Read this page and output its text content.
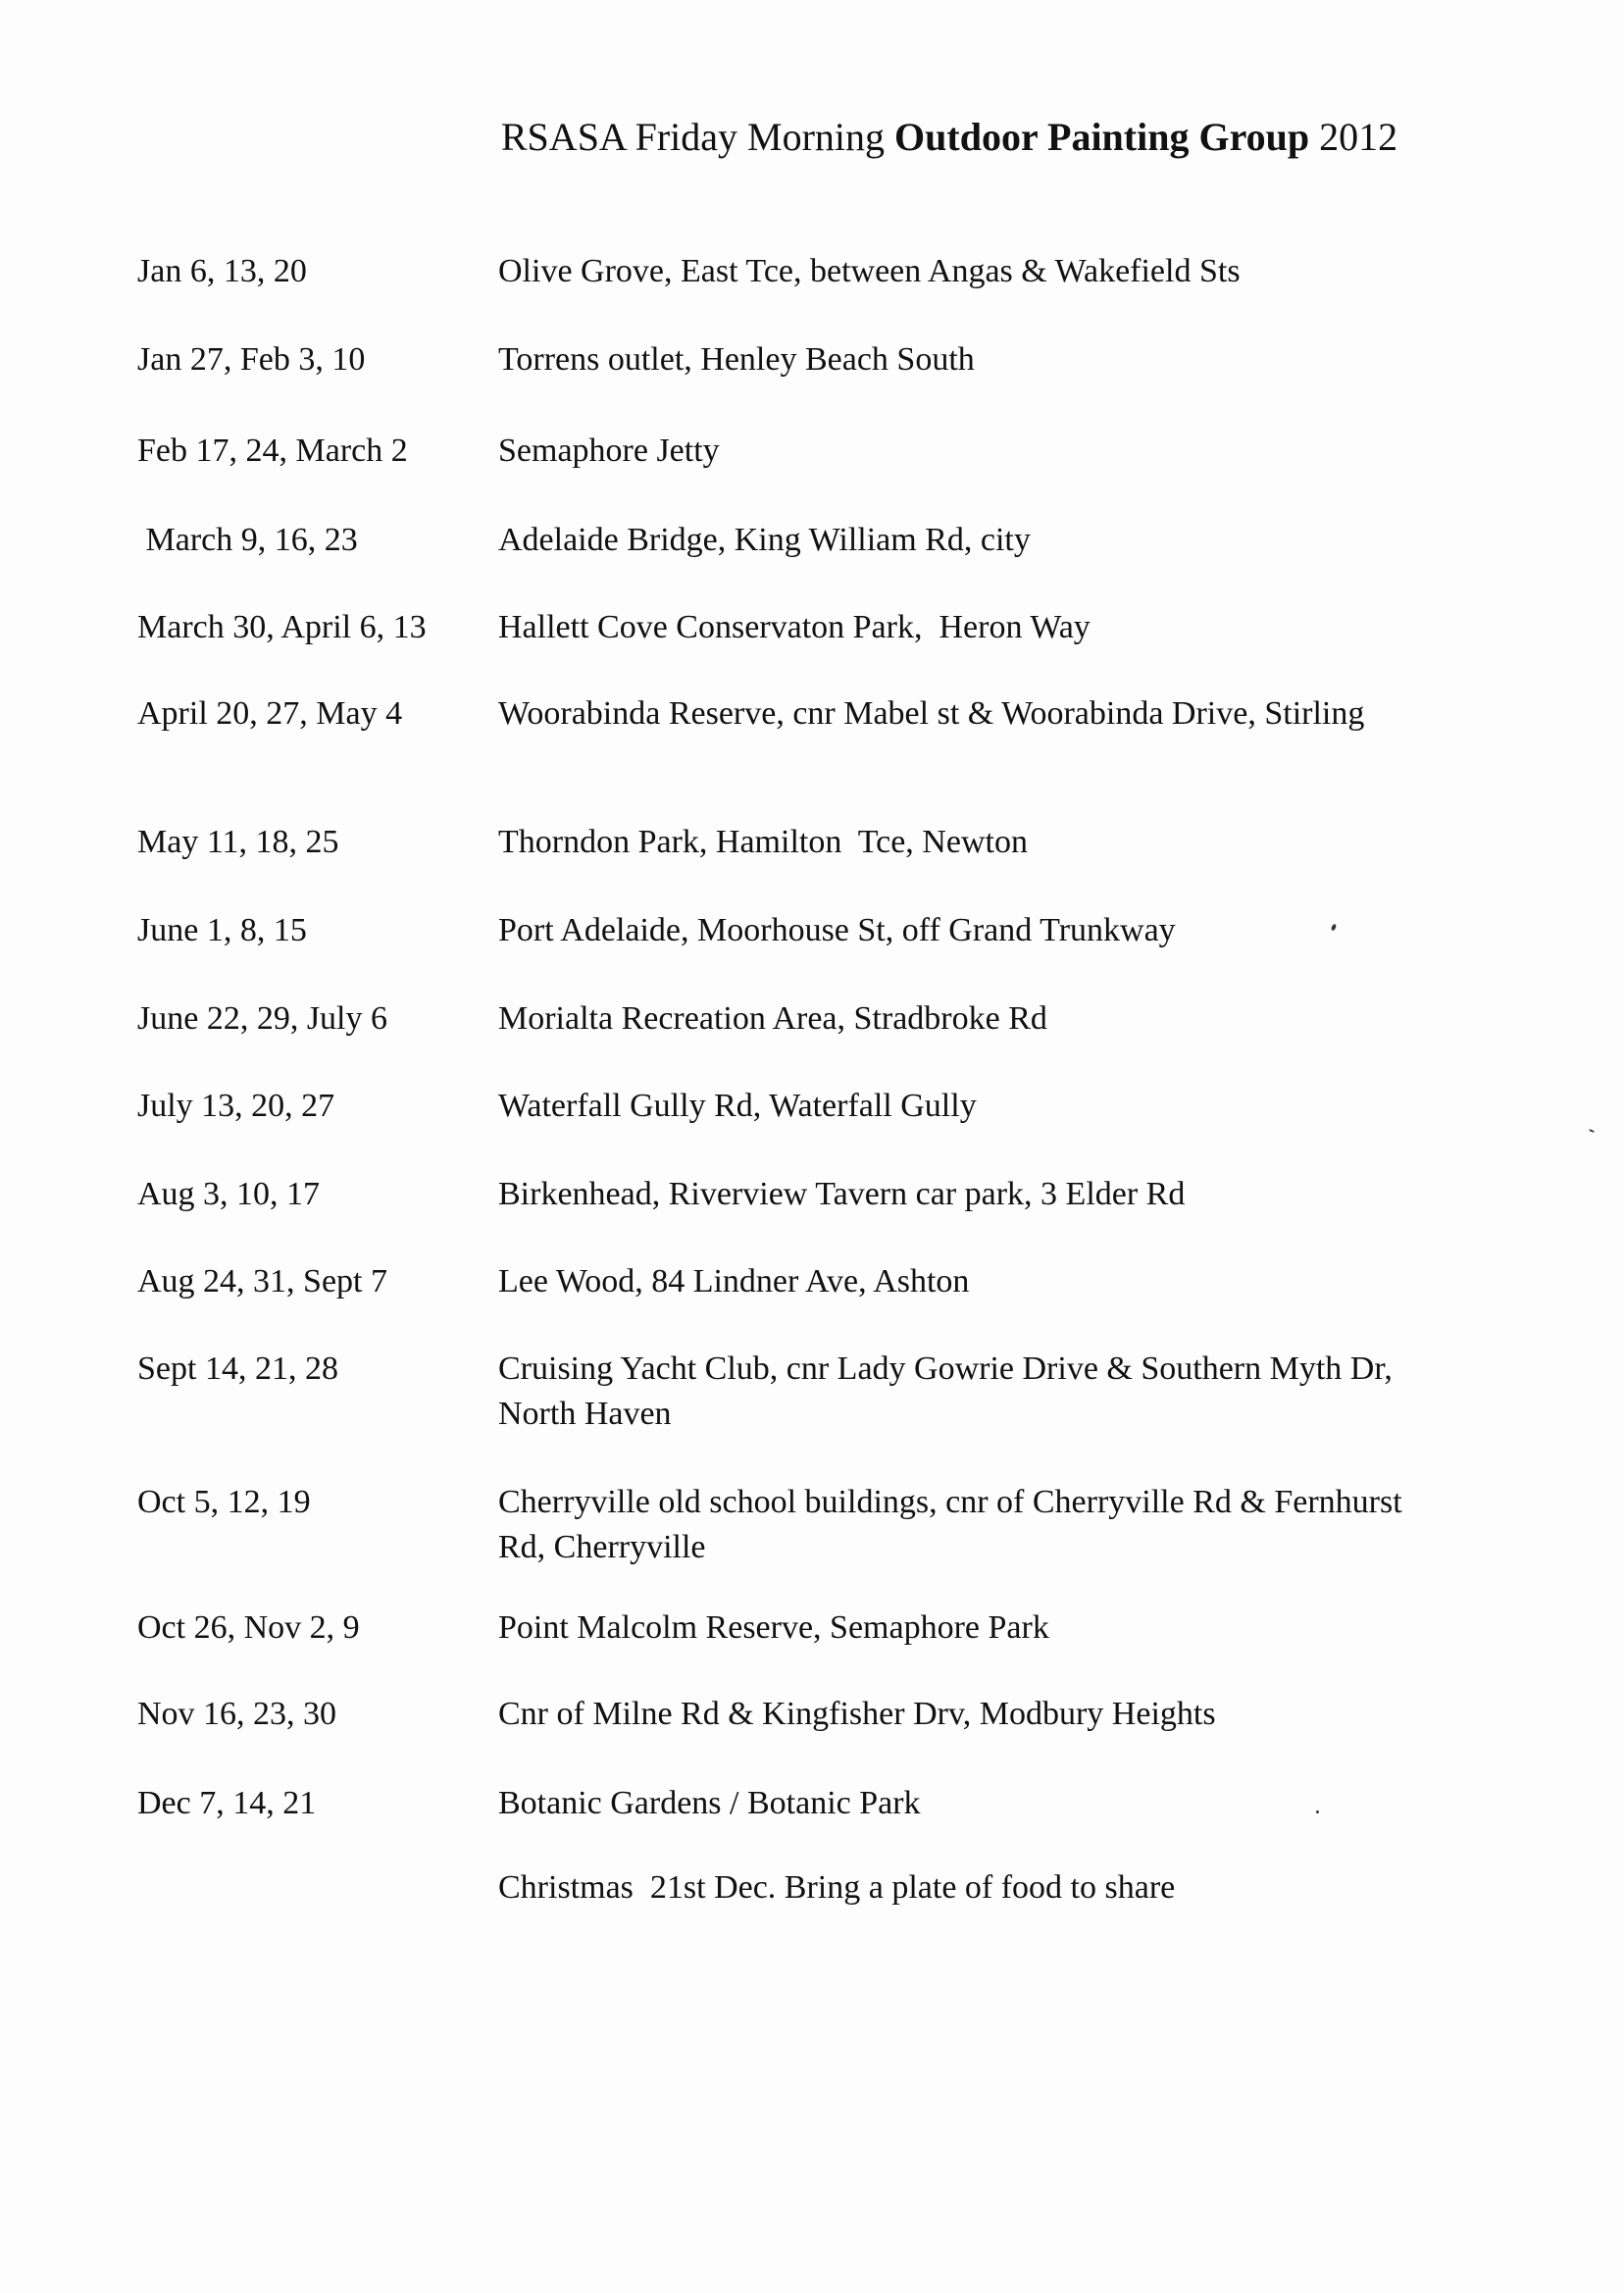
RSASA Friday Morning Outdoor Painting Group 2012
Jan 6, 13, 20	Olive Grove, East Tce, between Angas & Wakefield Sts
Jan 27, Feb 3, 10	Torrens outlet, Henley Beach South
Feb 17, 24, March 2	Semaphore Jetty
March 9, 16, 23	Adelaide Bridge, King William Rd, city
March 30, April 6, 13	Hallett Cove Conservaton Park,  Heron Way
April 20, 27, May 4	Woorabinda Reserve, cnr Mabel st & Woorabinda Drive, Stirling
May 11, 18, 25	Thorndon Park, Hamilton  Tce, Newton
June 1, 8, 15	Port Adelaide, Moorhouse St, off Grand Trunkway
June 22, 29, July 6	Morialta Recreation Area, Stradbroke Rd
July 13, 20, 27	Waterfall Gully Rd, Waterfall Gully
Aug 3, 10, 17	Birkenhead, Riverview Tavern car park, 3 Elder Rd
Aug 24, 31, Sept 7	Lee Wood, 84 Lindner Ave, Ashton
Sept 14, 21, 28	Cruising Yacht Club, cnr Lady Gowrie Drive & Southern Myth Dr, North Haven
Oct 5, 12, 19	Cherryville old school buildings, cnr of Cherryville Rd & Fernhurst Rd, Cherryville
Oct 26, Nov 2, 9	Point Malcolm Reserve, Semaphore Park
Nov 16, 23, 30	Cnr of Milne Rd & Kingfisher Drv, Modbury Heights
Dec 7, 14, 21	Botanic Gardens / Botanic Park
Christmas  21st Dec. Bring a plate of food to share
